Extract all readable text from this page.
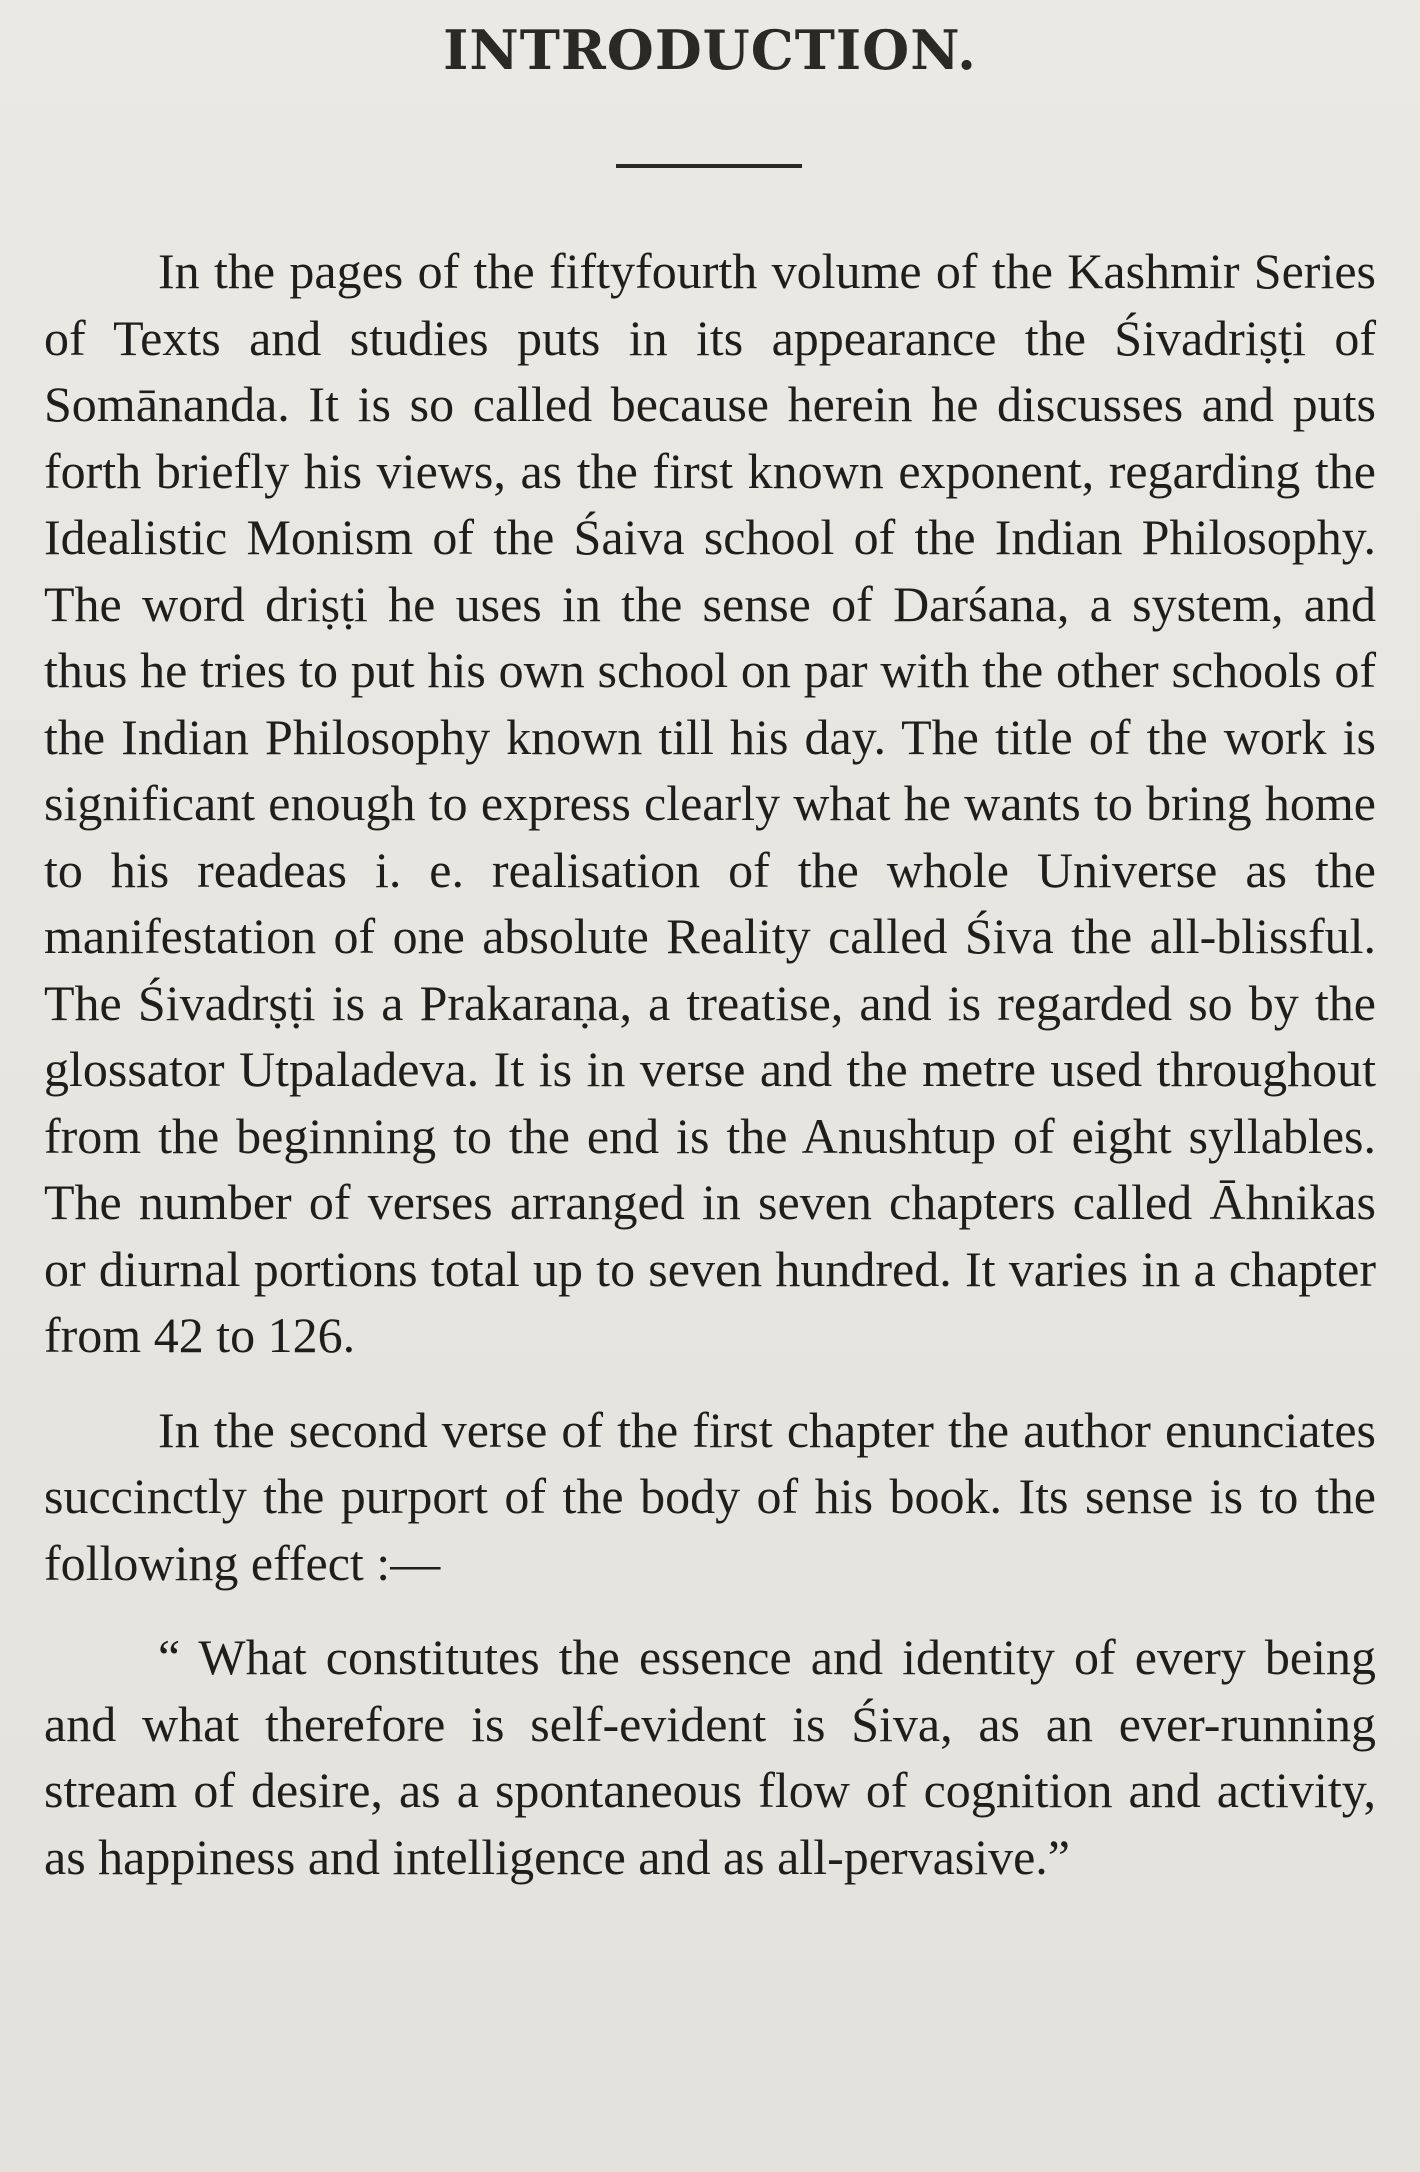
INTRODUCTION.

In the pages of the fiftyfourth volume of the Kashmir Series of Texts and studies puts in its appearance the Śivadriṣṭi of Somānanda. It is so called because herein he discusses and puts forth briefly his views, as the first known exponent, regarding the Idealistic Monism of the Śaiva school of the Indian Philosophy. The word driṣṭi he uses in the sense of Darśana, a system, and thus he tries to put his own school on par with the other schools of the Indian Philosophy known till his day. The title of the work is significant enough to express clearly what he wants to bring home to his readeas i. e. realisation of the whole Universe as the manifestation of one absolute Reality called Śiva the all-blissful. The Śivadrṣṭi is a Prakaraṇa, a treatise, and is regarded so by the glossator Utpaladeva. It is in verse and the metre used throughout from the beginning to the end is the Anushtup of eight syllables. The number of verses arranged in seven chapters called Āhnikas or diurnal portions total up to seven hundred. It varies in a chapter from 42 to 126.

In the second verse of the first chapter the author enunciates succinctly the purport of the body of his book. Its sense is to the following effect :—

“ What constitutes the essence and identity of every being and what therefore is self-evident is Śiva, as an ever-running stream of desire, as a spontaneous flow of cognition and activity, as happiness and intelligence and as all-pervasive.”
